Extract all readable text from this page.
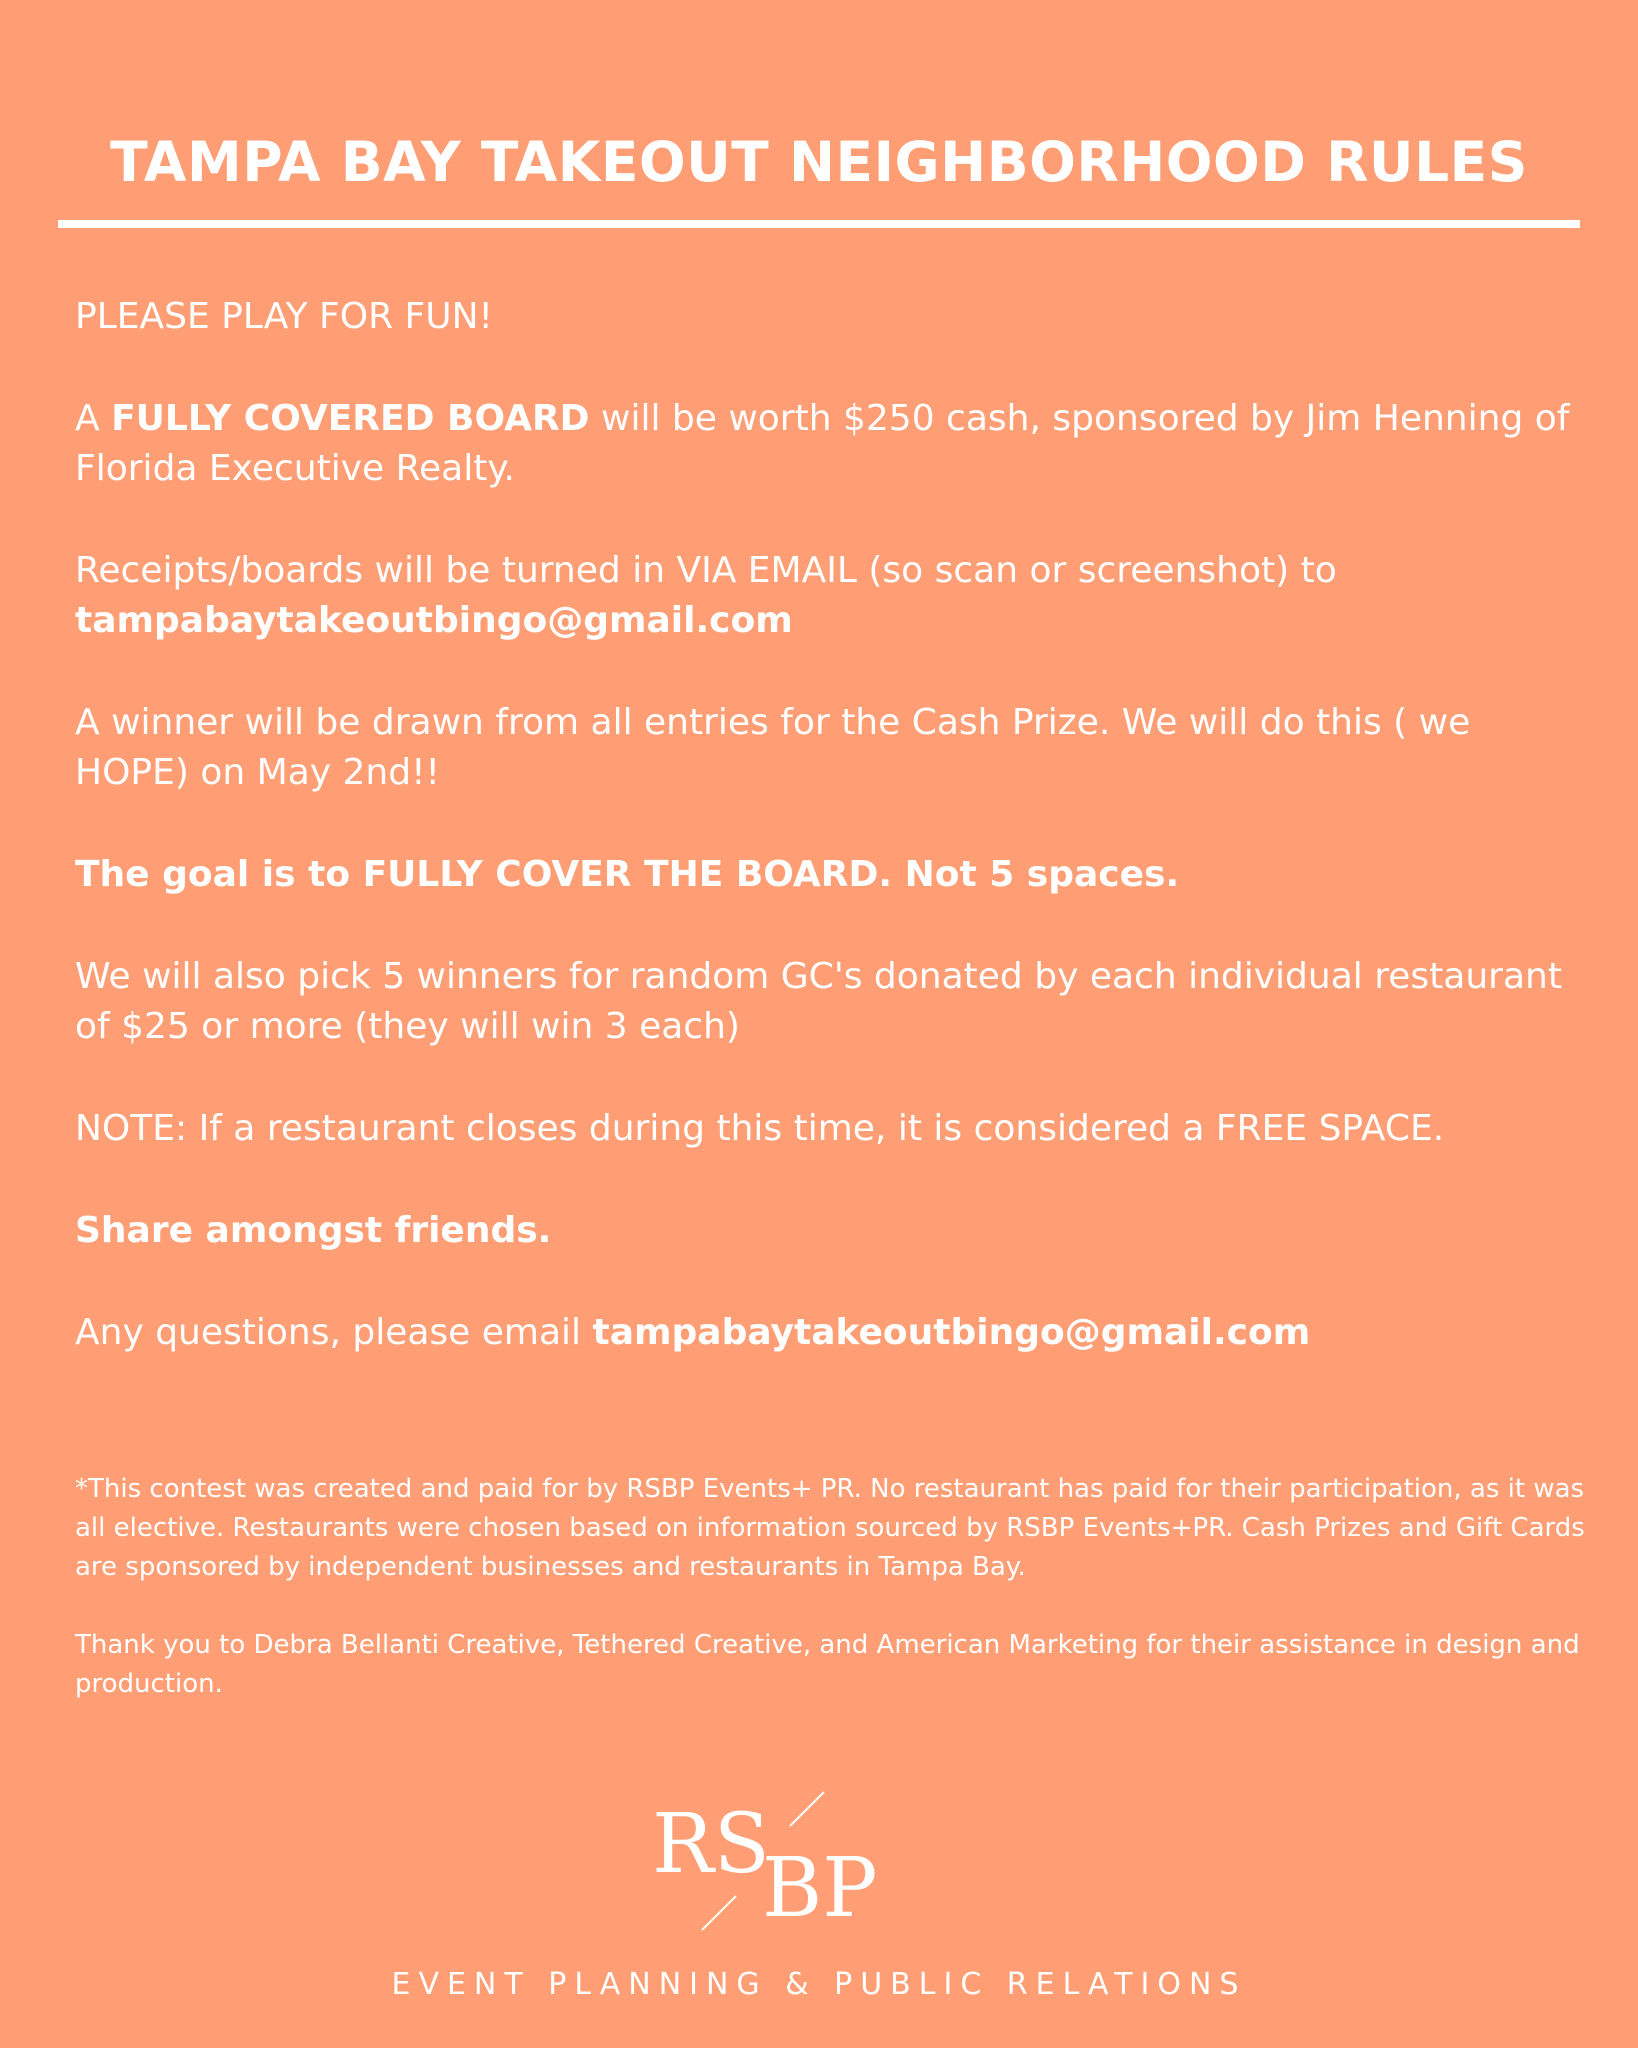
TAMPA BAY TAKEOUT NEIGHBORHOOD RULES

PLEASE PLAY FOR FUN!

A FULLY COVERED BOARD will be worth $250 cash, sponsored by Jim Henning of Florida Executive Realty.

Receipts/boards will be turned in VIA EMAIL (so scan or screenshot) to
tampabaytakeoutbingo@gmail.com

A winner will be drawn from all entries for the Cash Prize. We will do this ( we HOPE) on May 2nd!!

The goal is to FULLY COVER THE BOARD. Not 5 spaces.

We will also pick 5 winners for random GC's donated by each individual restaurant of $25 or more (they will win 3 each)

NOTE: If a restaurant closes during this time, it is considered a FREE SPACE.

Share amongst friends.

Any questions, please email tampabaytakeoutbingo@gmail.com

*This contest was created and paid for by RSBP Events+ PR. No restaurant has paid for their participation, as it was all elective. Restaurants were chosen based on information sourced by RSBP Events+PR. Cash Prizes and Gift Cards are sponsored by independent businesses and restaurants in Tampa Bay.

Thank you to Debra Bellanti Creative, Tethered Creative, and American Marketing for their assistance in design and production.

RS
BP
EVENT PLANNING & PUBLIC RELATIONS
